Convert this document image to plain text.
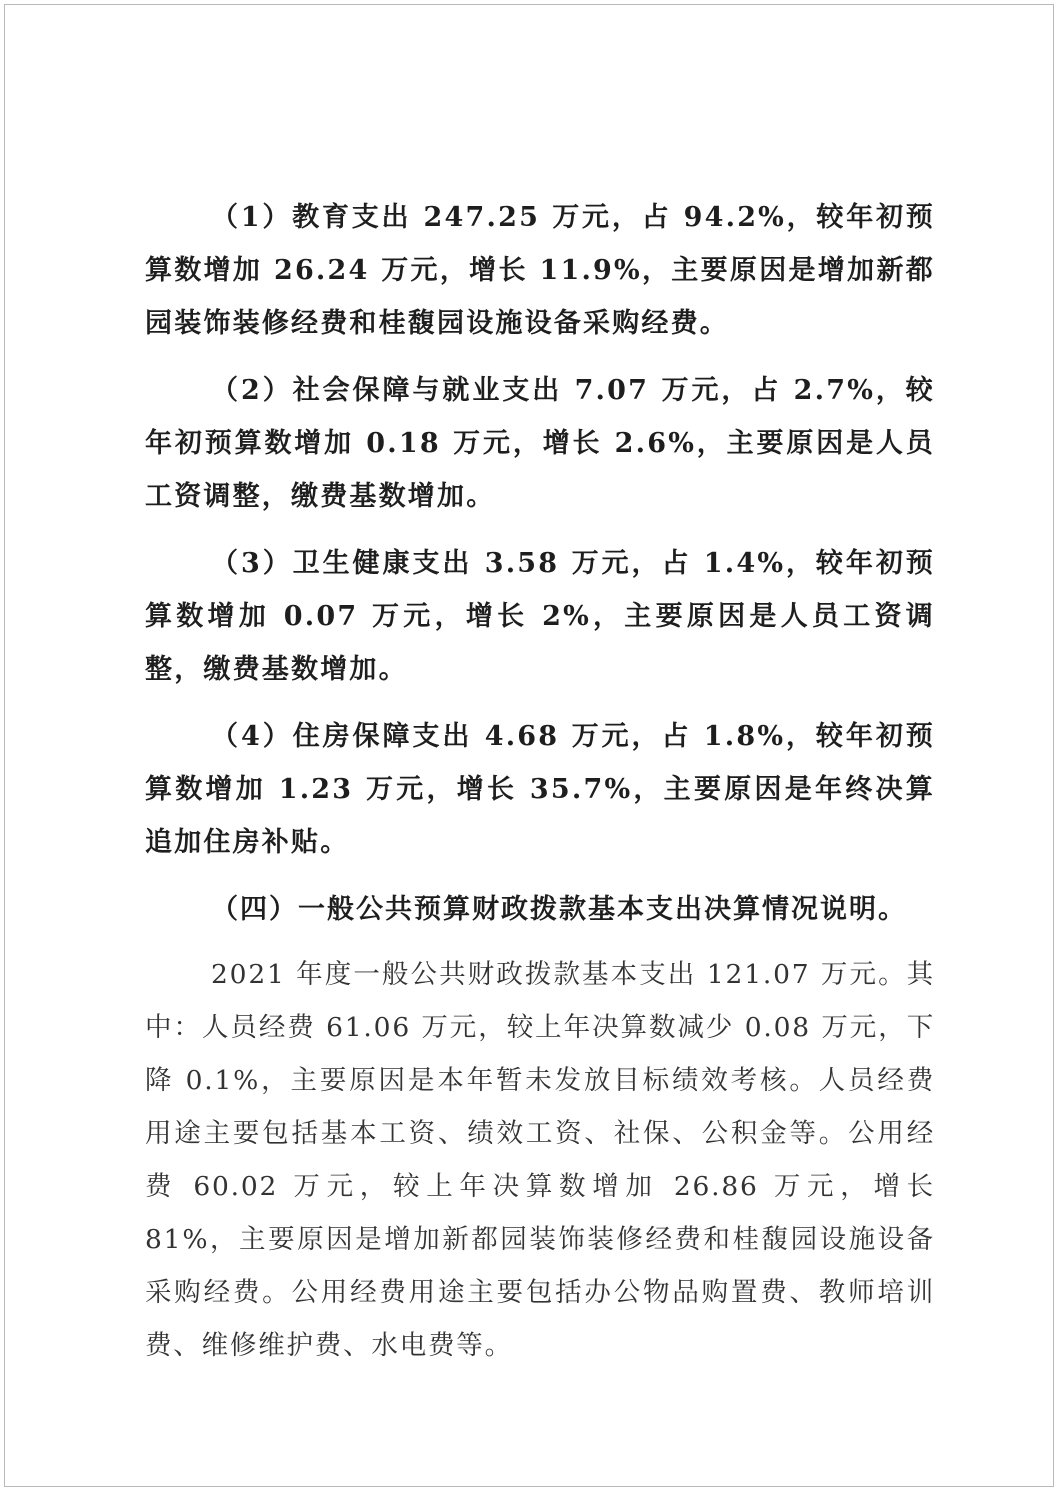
（1）教育支出 247.25 万元，占 94.2%，较年初预算数增加 26.24 万元，增长 11.9%，主要原因是增加新都园装饰装修经费和桂馥园设施设备采购经费。

（2）社会保障与就业支出 7.07 万元，占 2.7%，较年初预算数增加 0.18 万元，增长 2.6%，主要原因是人员工资调整，缴费基数增加。

（3）卫生健康支出 3.58 万元，占 1.4%，较年初预算数增加 0.07 万元，增长 2%，主要原因是人员工资调整，缴费基数增加。

（4）住房保障支出 4.68 万元，占 1.8%，较年初预算数增加 1.23 万元，增长 35.7%，主要原因是年终决算追加住房补贴。

（四）一般公共预算财政拨款基本支出决算情况说明。

2021 年度一般公共财政拨款基本支出 121.07 万元。其中：人员经费 61.06 万元，较上年决算数减少 0.08 万元，下降 0.1%，主要原因是本年暂未发放目标绩效考核。人员经费用途主要包括基本工资、绩效工资、社保、公积金等。公用经费 60.02 万元，较上年决算数增加 26.86 万元，增长 81%，主要原因是增加新都园装饰装修经费和桂馥园设施设备采购经费。公用经费用途主要包括办公物品购置费、教师培训费、维修维护费、水电费等。
